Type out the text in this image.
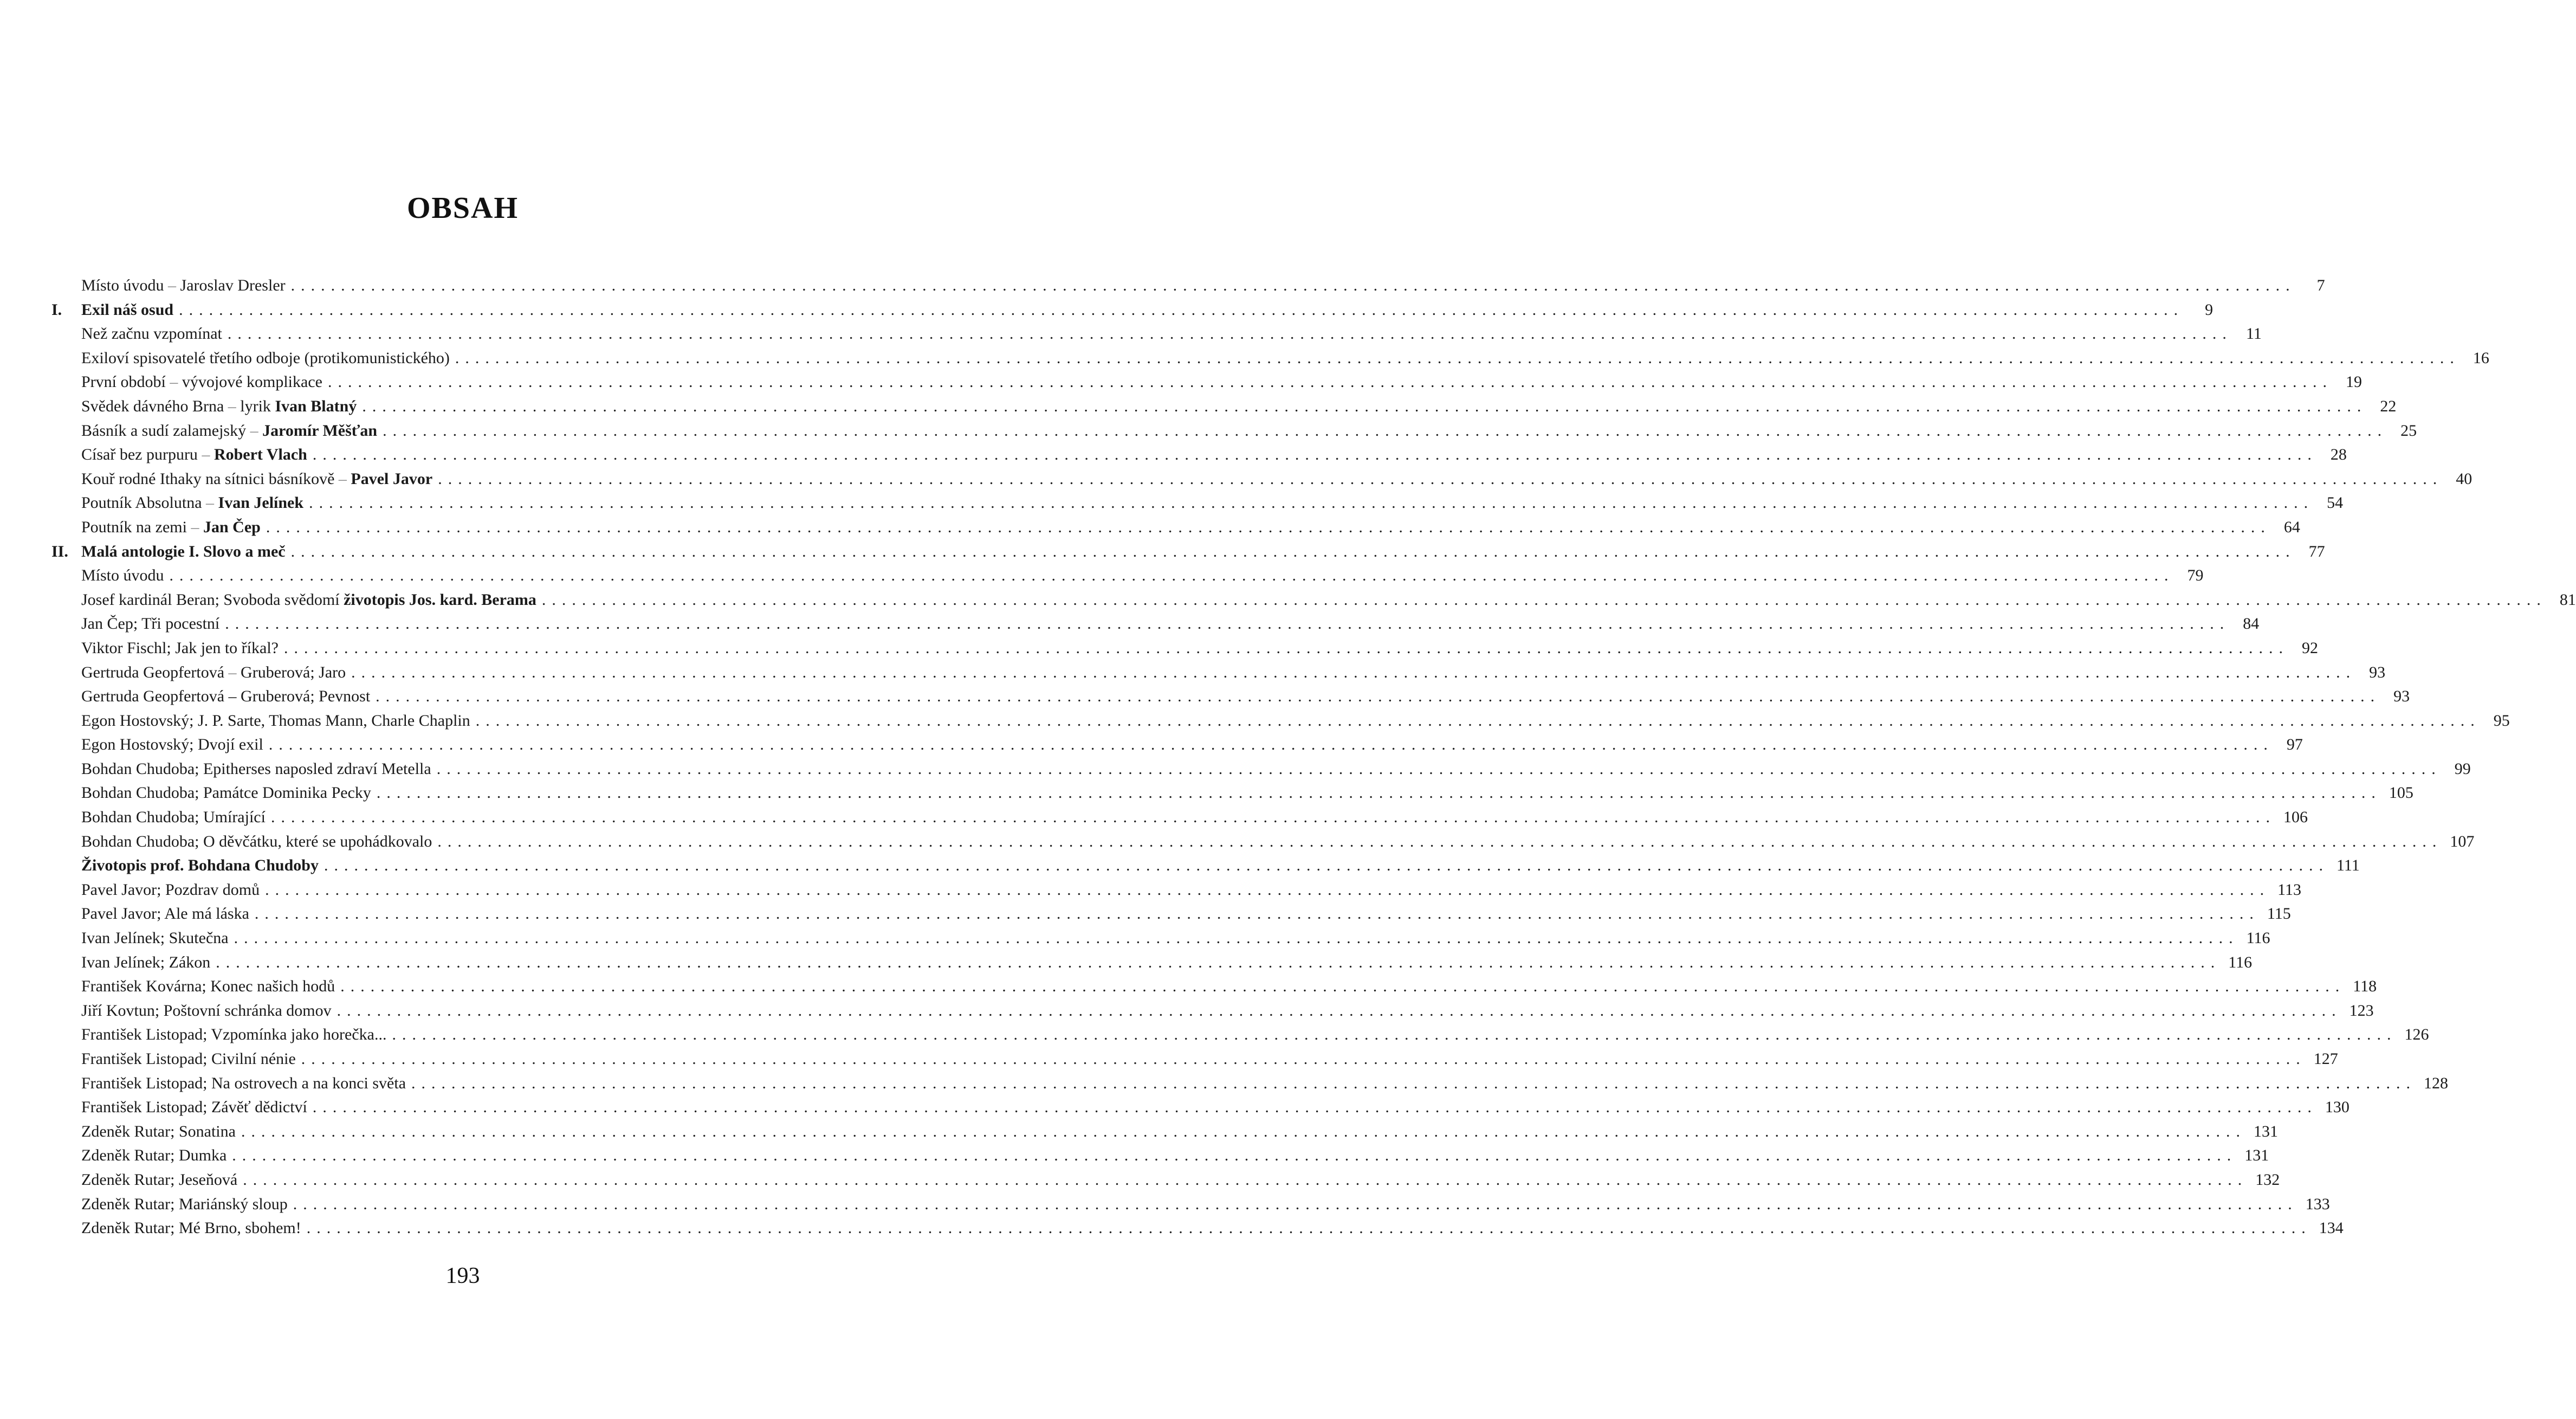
OBSAH
Místo úvodu – Jaroslav Dresler ........................................................................................................................................................................................................	7
I.	Exil náš osud ........................................................................................................................................................................................................	9
Než začnu vzpomínat ........................................................................................................................................................................................................ 11
Exiloví spisovatelé třetího odboje (protikomunistického) ........................................................................................................................................................................................................ 16
První období – vývojové komplikace ........................................................................................................................................................................................................ 19
Svědek dávného Brna – lyrik Ivan Blatný ........................................................................................................................................................................................................ 22
Básník a sudí zalamejský – Jaromír Měšťan ........................................................................................................................................................................................................ 25
Císař bez purpuru – Robert Vlach ........................................................................................................................................................................................................ 28
Kouř rodné Ithaky na sítnici básníkově – Pavel Javor ........................................................................................................................................................................................................ 40
Poutník Absolutna – Ivan Jelínek ........................................................................................................................................................................................................ 54
Poutník na zemi – Jan Čep ........................................................................................................................................................................................................ 64
II. Malá antologie I. Slovo a meč ........................................................................................................................................................................................................ 77
Místo úvodu ........................................................................................................................................................................................................ 79
Josef kardinál Beran; Svoboda svědomí životopis Jos. kard. Berama ........................................................................................................................................................................................................ 81
Jan Čep; Tři pocestní ........................................................................................................................................................................................................ 84
Viktor Fischl; Jak jen to říkal? ........................................................................................................................................................................................................ 92
Gertruda Geopfertová – Gruberová; Jaro ........................................................................................................................................................................................................ 93
Gertruda Geopfertová – Gruberová; Pevnost ........................................................................................................................................................................................................ 93
Egon Hostovský; J. P. Sarte, Thomas Mann, Charle Chaplin ........................................................................................................................................................................................................ 95
Egon Hostovský; Dvojí exil ........................................................................................................................................................................................................ 97
Bohdan Chudoba; Epitherses naposled zdraví Metella ........................................................................................................................................................................................................ 99
Bohdan Chudoba; Památce Dominika Pecky ........................................................................................................................................................................................................ 105
Bohdan Chudoba; Umírající ........................................................................................................................................................................................................ 106
Bohdan Chudoba; O děvčátku, které se upohádkovalo ........................................................................................................................................................................................................ 107
Životopis prof. Bohdana Chudoby ........................................................................................................................................................................................................ 111
Pavel Javor; Pozdrav domů ........................................................................................................................................................................................................ 113
Pavel Javor; Ale má láska ........................................................................................................................................................................................................ 115
Ivan Jelínek; Skutečna ........................................................................................................................................................................................................ 116
Ivan Jelínek; Zákon ........................................................................................................................................................................................................ 116
František Kovárna; Konec našich hodů ........................................................................................................................................................................................................ 118
Jiří Kovtun; Poštovní schránka domov ........................................................................................................................................................................................................ 123
František Listopad; Vzpomínka jako horečka... ........................................................................................................................................................................................................ 126
František Listopad; Civilní nénie ........................................................................................................................................................................................................ 127
František Listopad; Na ostrovech a na konci světa ........................................................................................................................................................................................................ 128
František Listopad; Závěť dědictví ........................................................................................................................................................................................................ 130
Zdeněk Rutar; Sonatina ........................................................................................................................................................................................................ 131
Zdeněk Rutar; Dumka ........................................................................................................................................................................................................ 131
Zdeněk Rutar; Jeseňová ........................................................................................................................................................................................................ 132
Zdeněk Rutar; Mariánský sloup ........................................................................................................................................................................................................ 133
Zdeněk Rutar; Mé Brno, sbohem! ........................................................................................................................................................................................................ 134
193
